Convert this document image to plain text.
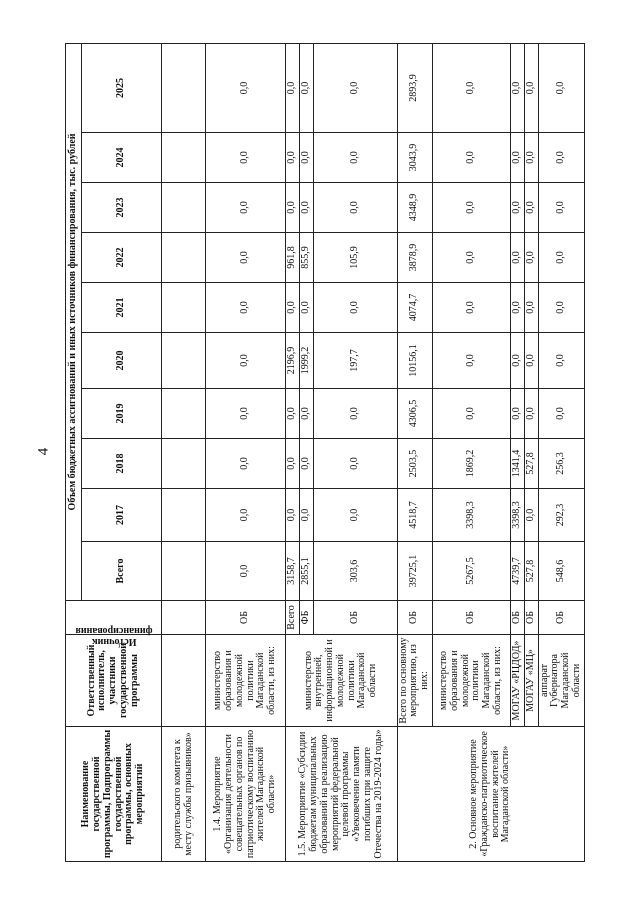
4
Наименование государственной программы, Подпрограммы государственной программы, основных мероприятий	Ответственный исполнитель, участники государственной программы	Источник финансирования	Объем бюджетных ассигнований и иных источников финансирования, тыс. рублей									
			Всего	2017	2018	2019	2020	2021	2022	2023	2024	2025
родительского комитета к месту службы призывников»												
1.4. Мероприятие «Организация деятельности совещательных органов по патриотическому воспитанию жителей Магаданской области»	министерство образования и молодежной политики Магаданской области, из них:	ОБ	0,0	0,0	0,0	0,0	0,0	0,0	0,0	0,0	0,0	0,0
1.5. Мероприятие «Субсидии бюджетам муниципальных образований на реализацию мероприятий федеральной целевой программы «Увековечение памяти погибших при защите Отечества на 2019-2024 годы»	министерство внутренней, информационной и молодежной политики Магаданской области	Всего	3158,7	0,0	0,0	0,0	2196,9	0,0	961,8	0,0	0,0	0,0
		ФБ	2855,1	0,0	0,0	0,0	1999,2	0,0	855,9	0,0	0,0	0,0
		ОБ	303,6	0,0	0,0	0,0	197,7	0,0	105,9	0,0	0,0	0,0
2. Основное мероприятие «Гражданско-патриотическое воспитание жителей Магаданской области»	Всего по основному мероприятию, из них:	ОБ	39725,1	4518,7	2503,5	4306,5	10156,1	4074,7	3878,9	4348,9	3043,9	2893,9
	министерство образования и молодежной политики Магаданской области, из них:	ОБ	5267,5	3398,3	1869,2	0,0	0,0	0,0	0,0	0,0	0,0	0,0
	МОГАУ «РЦДОД»	ОБ	4739,7	3398,3	1341,4	0,0	0,0	0,0	0,0	0,0	0,0	0,0
	МОГАУ «МЦ»	ОБ	527,8	0,0	527,8	0,0	0,0	0,0	0,0	0,0	0,0	0,0
	аппарат Губернатора Магаданской области	ОБ	548,6	292,3	256,3	0,0	0,0	0,0	0,0	0,0	0,0	0,0
